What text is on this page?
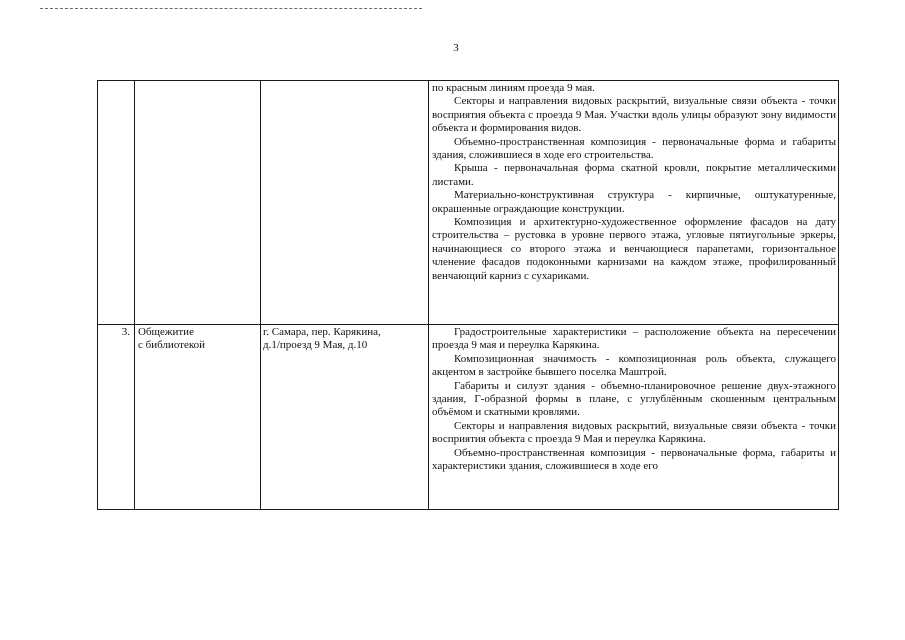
3

по красным линиям проезда 9 мая.

Секторы и направления видовых раскрытий, визуальные связи объекта - точки восприятия объекта с проезда 9 Мая. Участки вдоль улицы образуют зону видимости объекта и формирования видов.

Объемно-пространственная композиция - первоначальные форма и габариты здания, сложившиеся в ходе его строительства.

Крыша - первоначальная форма скатной кровли, покрытие металлическими листами.

Материально-конструктивная структура - кирпичные, оштукатуренные, окрашенные ограждающие конструкции.

Композиция и архитектурно-художественное оформление фасадов на дату строительства – рустовка в уровне первого этажа, угловые пятиугольные эркеры, начинающиеся со второго этажа и венчающиеся парапетами, горизонтальное членение фасадов подоконными карнизами на каждом этаже, профилированный венчающий карниз с сухариками.

3. Общежитие
с библиотекой
г. Самара, пер. Карякина,
д.1/проезд 9 Мая, д.10

Градостроительные характеристики – расположение объекта на пересечении проезда 9 мая и переулка Карякина.

Композиционная значимость - композиционная роль объекта, служащего акцентом в застройке бывшего поселка Маштрой.

Габариты и силуэт здания - объемно-планировочное решение двух-этажного здания, Г-образной формы в плане, с углублённым скошенным центральным объёмом и скатными кровлями.

Секторы и направления видовых раскрытий, визуальные связи объекта - точки восприятия объекта с проезда 9 Мая и переулка Карякина.

Объемно-пространственная композиция - первоначальные форма, габариты и характеристики здания, сложившиеся в ходе его
